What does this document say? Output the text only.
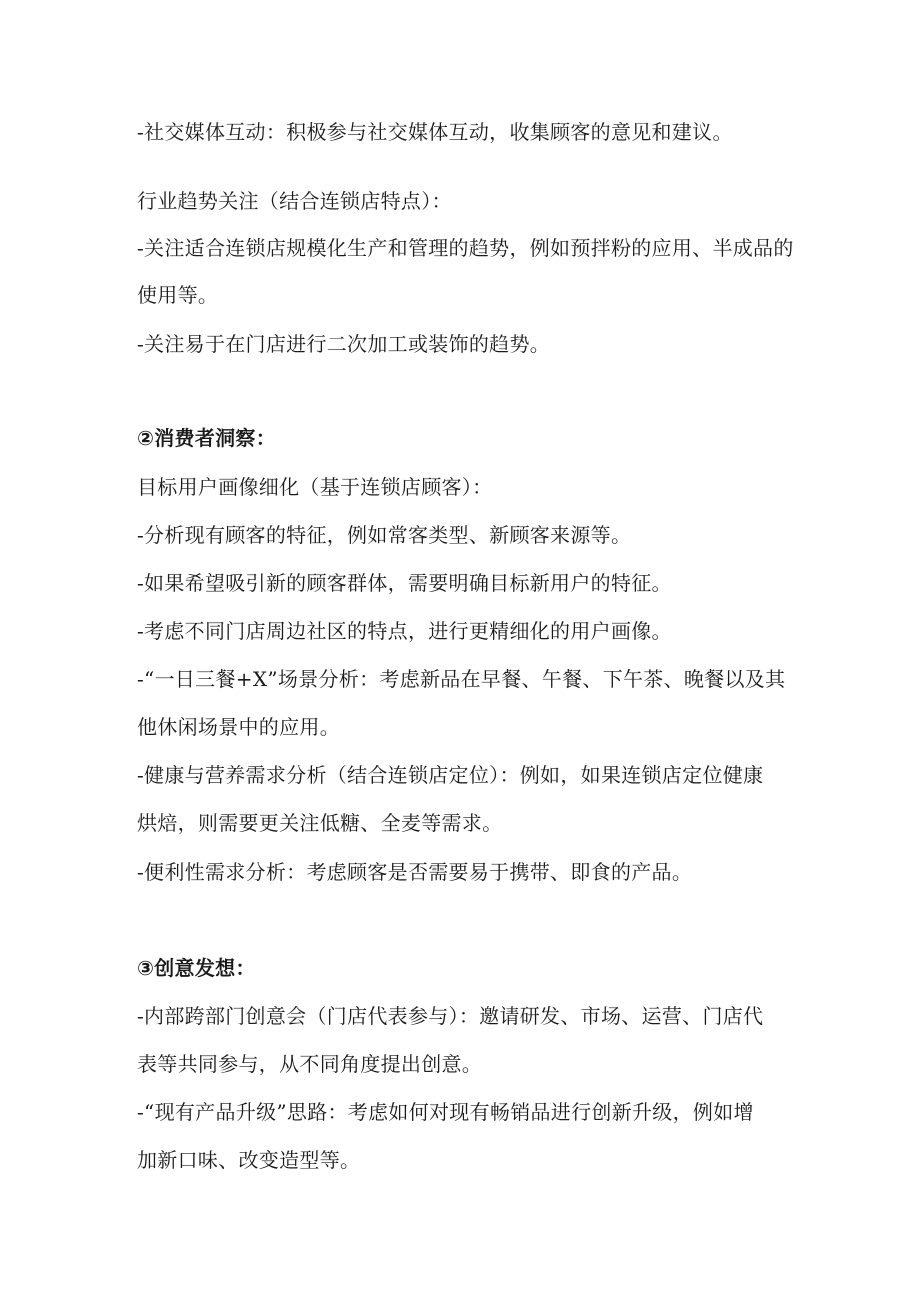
-社交媒体互动：积极参与社交媒体互动，收集顾客的意见和建议。

行业趋势关注（结合连锁店特点）：

-关注适合连锁店规模化生产和管理的趋势，例如预拌粉的应用、半成品的

使用等。

-关注易于在门店进行二次加工或装饰的趋势。

②消费者洞察：

目标用户画像细化（基于连锁店顾客）：

-分析现有顾客的特征，例如常客类型、新顾客来源等。

-如果希望吸引新的顾客群体，需要明确目标新用户的特征。

-考虑不同门店周边社区的特点，进行更精细化的用户画像。

-“一日三餐+X”场景分析：考虑新品在早餐、午餐、下午茶、晚餐以及其

他休闲场景中的应用。

-健康与营养需求分析（结合连锁店定位）：例如，如果连锁店定位健康

烘焙，则需要更关注低糖、全麦等需求。

-便利性需求分析：考虑顾客是否需要易于携带、即食的产品。

③创意发想：

-内部跨部门创意会（门店代表参与）：邀请研发、市场、运营、门店代

表等共同参与，从不同角度提出创意。

-“现有产品升级”思路：考虑如何对现有畅销品进行创新升级，例如增

加新口味、改变造型等。
